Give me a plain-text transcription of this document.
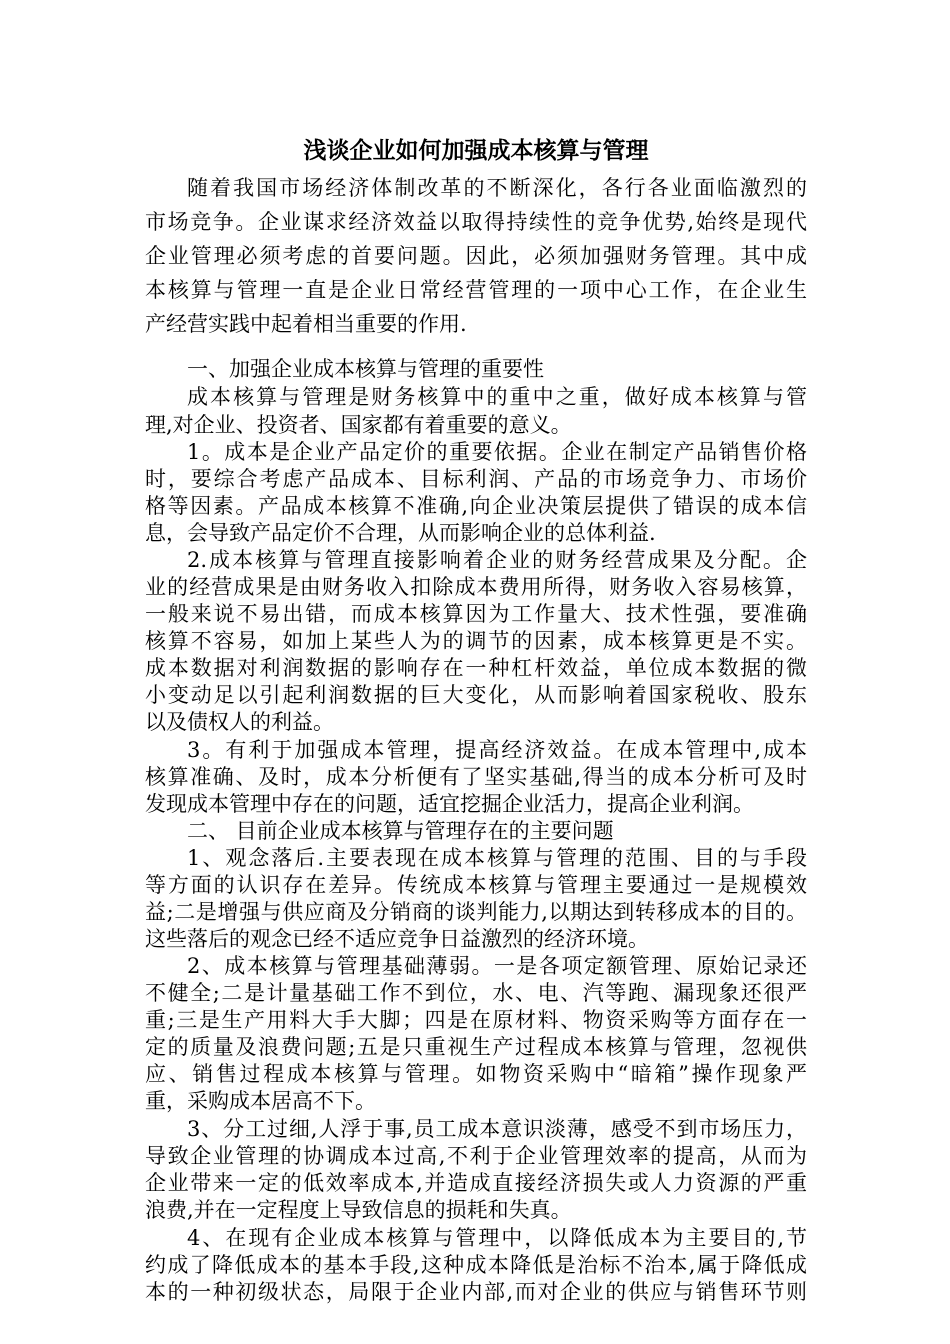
浅谈企业如何加强成本核算与管理
随着我国市场经济体制改革的不断深化，各行各业面临激烈的
市场竞争。企业谋求经济效益以取得持续性的竞争优势,始终是现代
企业管理必须考虑的首要问题。因此，必须加强财务管理。其中成
本核算与管理一直是企业日常经营管理的一项中心工作，在企业生
产经营实践中起着相当重要的作用.
一、加强企业成本核算与管理的重要性
成本核算与管理是财务核算中的重中之重，做好成本核算与管
理,对企业、投资者、国家都有着重要的意义。
1。成本是企业产品定价的重要依据。企业在制定产品销售价格
时，要综合考虑产品成本、目标利润、产品的市场竞争力、市场价
格等因素。产品成本核算不准确,向企业决策层提供了错误的成本信
息，会导致产品定价不合理，从而影响企业的总体利益.
2.成本核算与管理直接影响着企业的财务经营成果及分配。企
业的经营成果是由财务收入扣除成本费用所得，财务收入容易核算，
一般来说不易出错，而成本核算因为工作量大、技术性强，要准确
核算不容易，如加上某些人为的调节的因素，成本核算更是不实。
成本数据对利润数据的影响存在一种杠杆效益，单位成本数据的微
小变动足以引起利润数据的巨大变化，从而影响着国家税收、股东
以及债权人的利益。
3。有利于加强成本管理，提高经济效益。在成本管理中,成本
核算准确、及时，成本分析便有了坚实基础,得当的成本分析可及时
发现成本管理中存在的问题，适宜挖掘企业活力，提高企业利润。
二、 目前企业成本核算与管理存在的主要问题
1、观念落后.主要表现在成本核算与管理的范围、目的与手段
等方面的认识存在差异。传统成本核算与管理主要通过一是规模效
益;二是增强与供应商及分销商的谈判能力,以期达到转移成本的目的。
这些落后的观念已经不适应竞争日益激烈的经济环境。
2、成本核算与管理基础薄弱。一是各项定额管理、原始记录还
不健全;二是计量基础工作不到位，水、电、汽等跑、漏现象还很严
重;三是生产用料大手大脚；四是在原材料、物资采购等方面存在一
定的质量及浪费问题;五是只重视生产过程成本核算与管理，忽视供
应、销售过程成本核算与管理。如物资采购中“暗箱”操作现象严
重，采购成本居高不下。
3、分工过细,人浮于事,员工成本意识淡薄，感受不到市场压力，
导致企业管理的协调成本过高,不利于企业管理效率的提高，从而为
企业带来一定的低效率成本,并造成直接经济损失或人力资源的严重
浪费,并在一定程度上导致信息的损耗和失真。
4、在现有企业成本核算与管理中，以降低成本为主要目的,节
约成了降低成本的基本手段,这种成本降低是治标不治本,属于降低成
本的一种初级状态，局限于企业内部,而对企业的供应与销售环节则
